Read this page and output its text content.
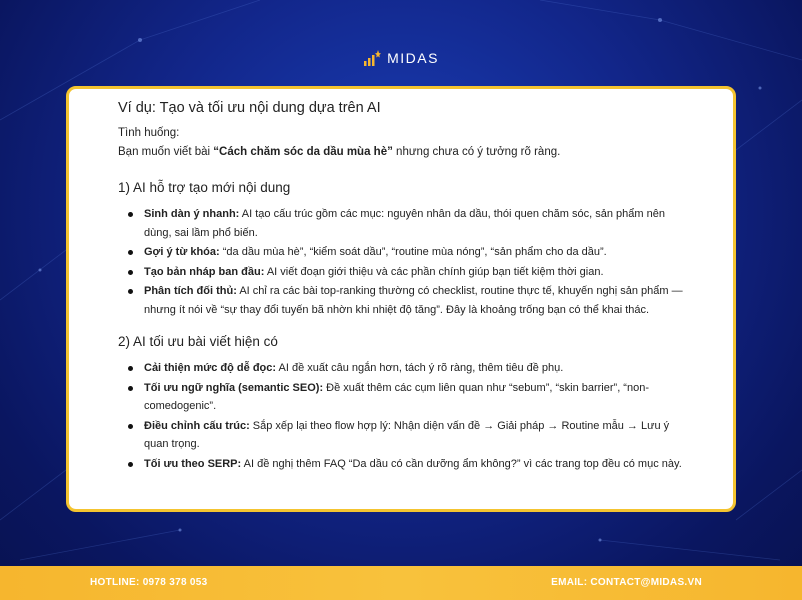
MIDAS
Ví dụ: Tạo và tối ưu nội dung dựa trên AI
Tình huống:
Bạn muốn viết bài “Cách chăm sóc da dầu mùa hè” nhưng chưa có ý tưởng rõ ràng.
1) AI hỗ trợ tạo mới nội dung
Sinh dàn ý nhanh: AI tạo cấu trúc gồm các mục: nguyên nhân da dầu, thói quen chăm sóc, sản phẩm nên dùng, sai lầm phổ biến.
Gợi ý từ khóa: “da dầu mùa hè”, “kiểm soát dầu”, “routine mùa nóng”, “sản phẩm cho da dầu”.
Tạo bản nháp ban đầu: AI viết đoạn giới thiệu và các phần chính giúp bạn tiết kiệm thời gian.
Phân tích đối thủ: AI chỉ ra các bài top-ranking thường có checklist, routine thực tế, khuyến nghị sản phẩm — nhưng ít nói về “sự thay đổi tuyến bã nhờn khi nhiệt độ tăng”. Đây là khoảng trống bạn có thể khai thác.
2) AI tối ưu bài viết hiện có
Cải thiện mức độ dễ đọc: AI đề xuất câu ngắn hơn, tách ý rõ ràng, thêm tiêu đề phụ.
Tối ưu ngữ nghĩa (semantic SEO): Đề xuất thêm các cụm liên quan như “sebum”, “skin barrier”, “non-comedogenic”.
Điều chỉnh cấu trúc: Sắp xếp lại theo flow hợp lý: Nhận diện vấn đề → Giải pháp → Routine mẫu → Lưu ý quan trọng.
Tối ưu theo SERP: AI đề nghị thêm FAQ “Da dầu có cần dưỡng ẩm không?” vì các trang top đều có mục này.
HOTLINE: 0978 378 053	EMAIL: CONTACT@MIDAS.VN
